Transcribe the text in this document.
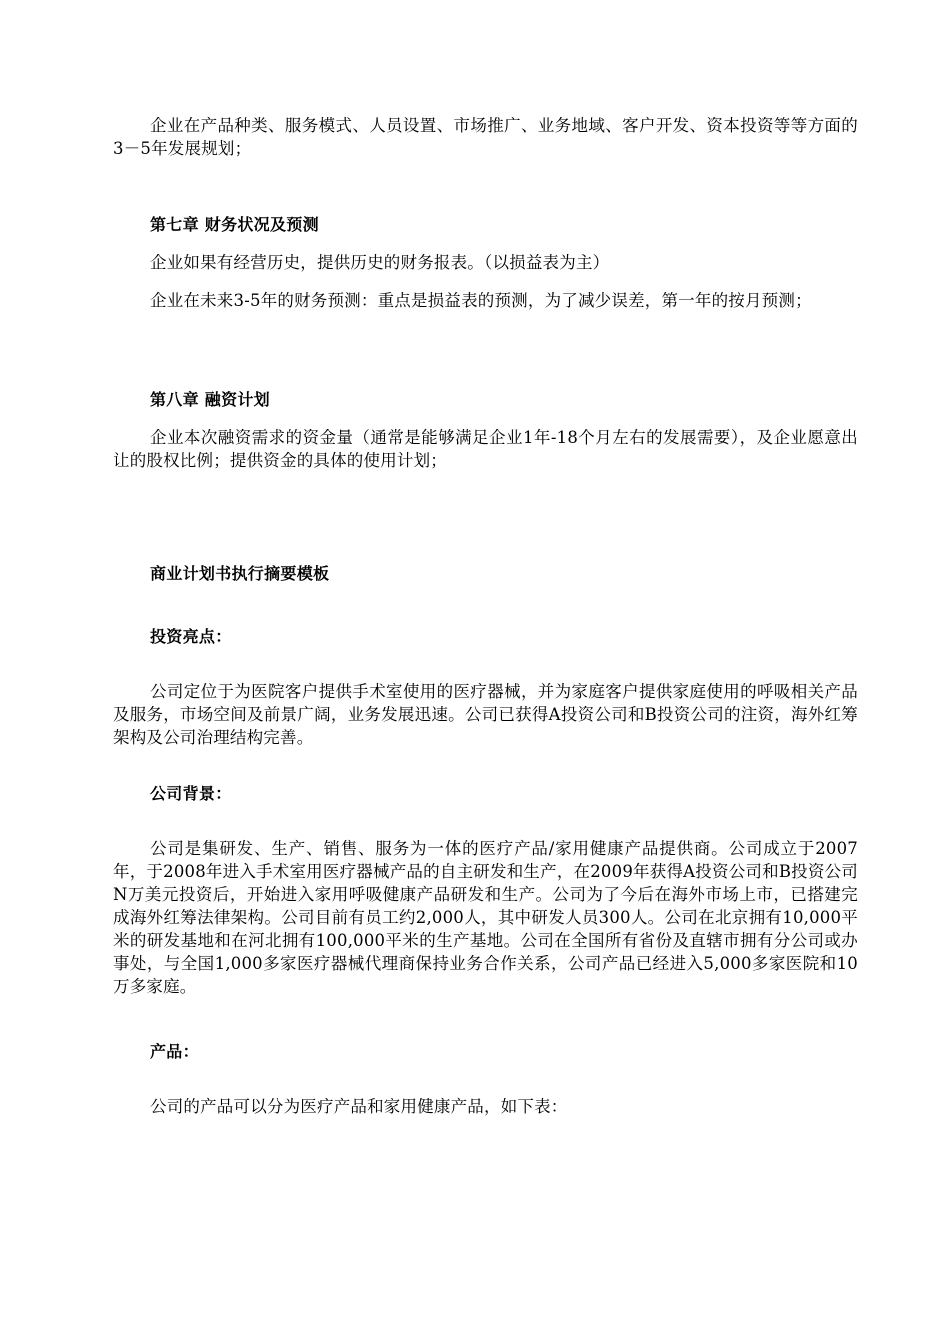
企业在产品种类、服务模式、人员设置、市场推广、业务地域、客户开发、资本投资等等方面的3－5年发展规划；

第七章 财务状况及预测

企业如果有经营历史，提供历史的财务报表。（以损益表为主）

企业在未来3-5年的财务预测：重点是损益表的预测，为了减少误差，第一年的按月预测；

第八章 融资计划

企业本次融资需求的资金量（通常是能够满足企业1年-18个月左右的发展需要），及企业愿意出让的股权比例；提供资金的具体的使用计划；

商业计划书执行摘要模板
投资亮点：

公司定位于为医院客户提供手术室使用的医疗器械，并为家庭客户提供家庭使用的呼吸相关产品及服务，市场空间及前景广阔，业务发展迅速。公司已获得A投资公司和B投资公司的注资，海外红筹架构及公司治理结构完善。

公司背景：

公司是集研发、生产、销售、服务为一体的医疗产品/家用健康产品提供商。公司成立于2007年，于2008年进入手术室用医疗器械产品的自主研发和生产，在2009年获得A投资公司和B投资公司N万美元投资后，开始进入家用呼吸健康产品研发和生产。公司为了今后在海外市场上市，已搭建完成海外红筹法律架构。公司目前有员工约2,000人，其中研发人员300人。公司在北京拥有10,000平米的研发基地和在河北拥有100,000平米的生产基地。公司在全国所有省份及直辖市拥有分公司或办事处，与全国1,000多家医疗器械代理商保持业务合作关系，公司产品已经进入5,000多家医院和10万多家庭。

产品：

公司的产品可以分为医疗产品和家用健康产品，如下表：
